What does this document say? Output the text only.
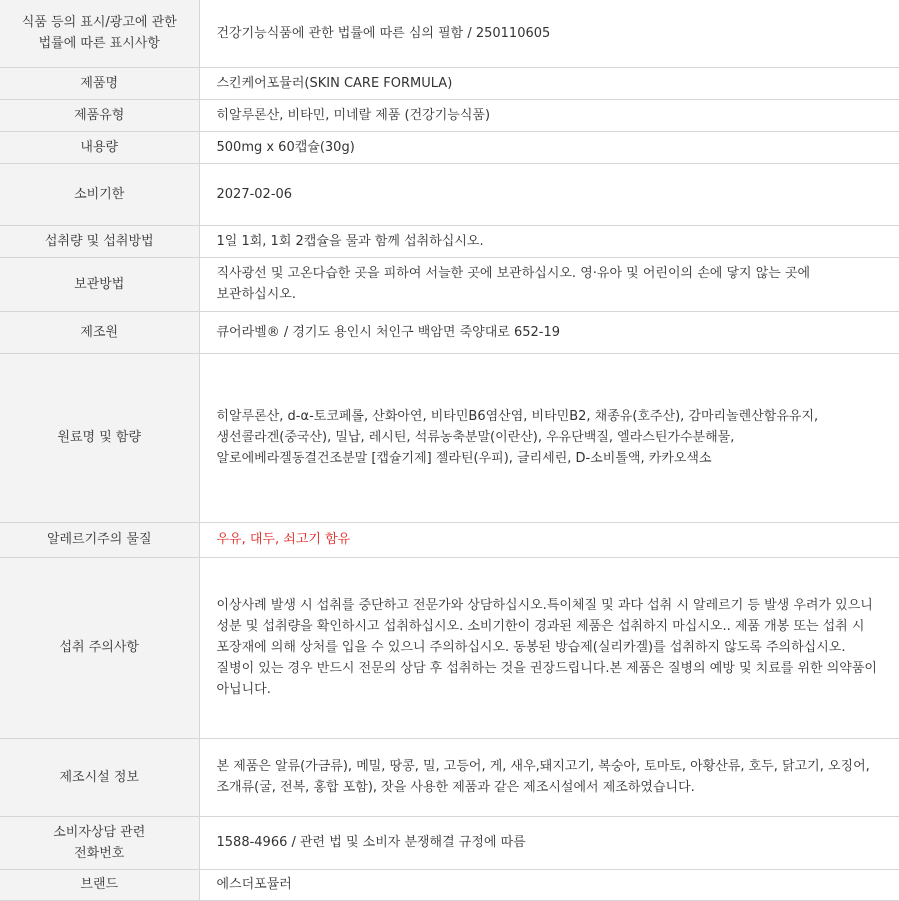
식품 등의 표시/광고에 관한
법률에 따른 표시사항	건강기능식품에 관한 법률에 따른 심의 필함 / 250110605
제품명	스킨케어포뮬러(SKIN CARE FORMULA)
제품유형	히알루론산, 비타민, 미네랄 제품 (건강기능식품)
내용량	500mg x 60캡슐(30g)
소비기한	2027-02-06
섭취량 및 섭취방법	1일 1회, 1회 2캡슐을 물과 함께 섭취하십시오.
보관방법	직사광선 및 고온다습한 곳을 피하여 서늘한 곳에 보관하십시오. 영·유아 및 어린이의 손에 닿지 않는 곳에 보관하십시오.
제조원	큐어라벨® / 경기도 용인시 처인구 백암면 죽양대로 652-19
원료명 및 함량	히알루론산, d-α-토코페롤, 산화아연, 비타민B6염산염, 비타민B2, 채종유(호주산), 감마리놀렌산함유유지, 생선콜라겐(중국산), 밀납, 레시틴, 석류농축분말(이란산), 우유단백질, 엘라스틴가수분해물, 알로에베라겔동결건조분말 [캡슐기제] 젤라틴(우피), 글리세린, D-소비톨액, 카카오색소
알레르기주의 물질	우유, 대두, 쇠고기 함유
섭취 주의사항	이상사례 발생 시 섭취를 중단하고 전문가와 상담하십시오.특이체질 및 과다 섭취 시 알레르기 등 발생 우려가 있으니 성분 및 섭취량을 확인하시고 섭취하십시오. 소비기한이 경과된 제품은 섭취하지 마십시오.. 제품 개봉 또는 섭취 시 포장재에 의해 상처를 입을 수 있으니 주의하십시오. 동봉된 방습제(실리카겔)를 섭취하지 않도록 주의하십시오. 질병이 있는 경우 반드시 전문의 상담 후 섭취하는 것을 권장드립니다.본 제품은 질병의 예방 및 치료를 위한 의약품이 아닙니다.
제조시설 정보	본 제품은 알류(가금류), 메밀, 땅콩, 밀, 고등어, 게, 새우,돼지고기, 복숭아, 토마토, 아황산류, 호두, 닭고기, 오징어, 조개류(굴, 전복, 홍합 포함), 잣을 사용한 제품과 같은 제조시설에서 제조하였습니다.
소비자상담 관련
전화번호	1588-4966 / 관련 법 및 소비자 분쟁해결 규정에 따름
브랜드	에스더포뮬러
